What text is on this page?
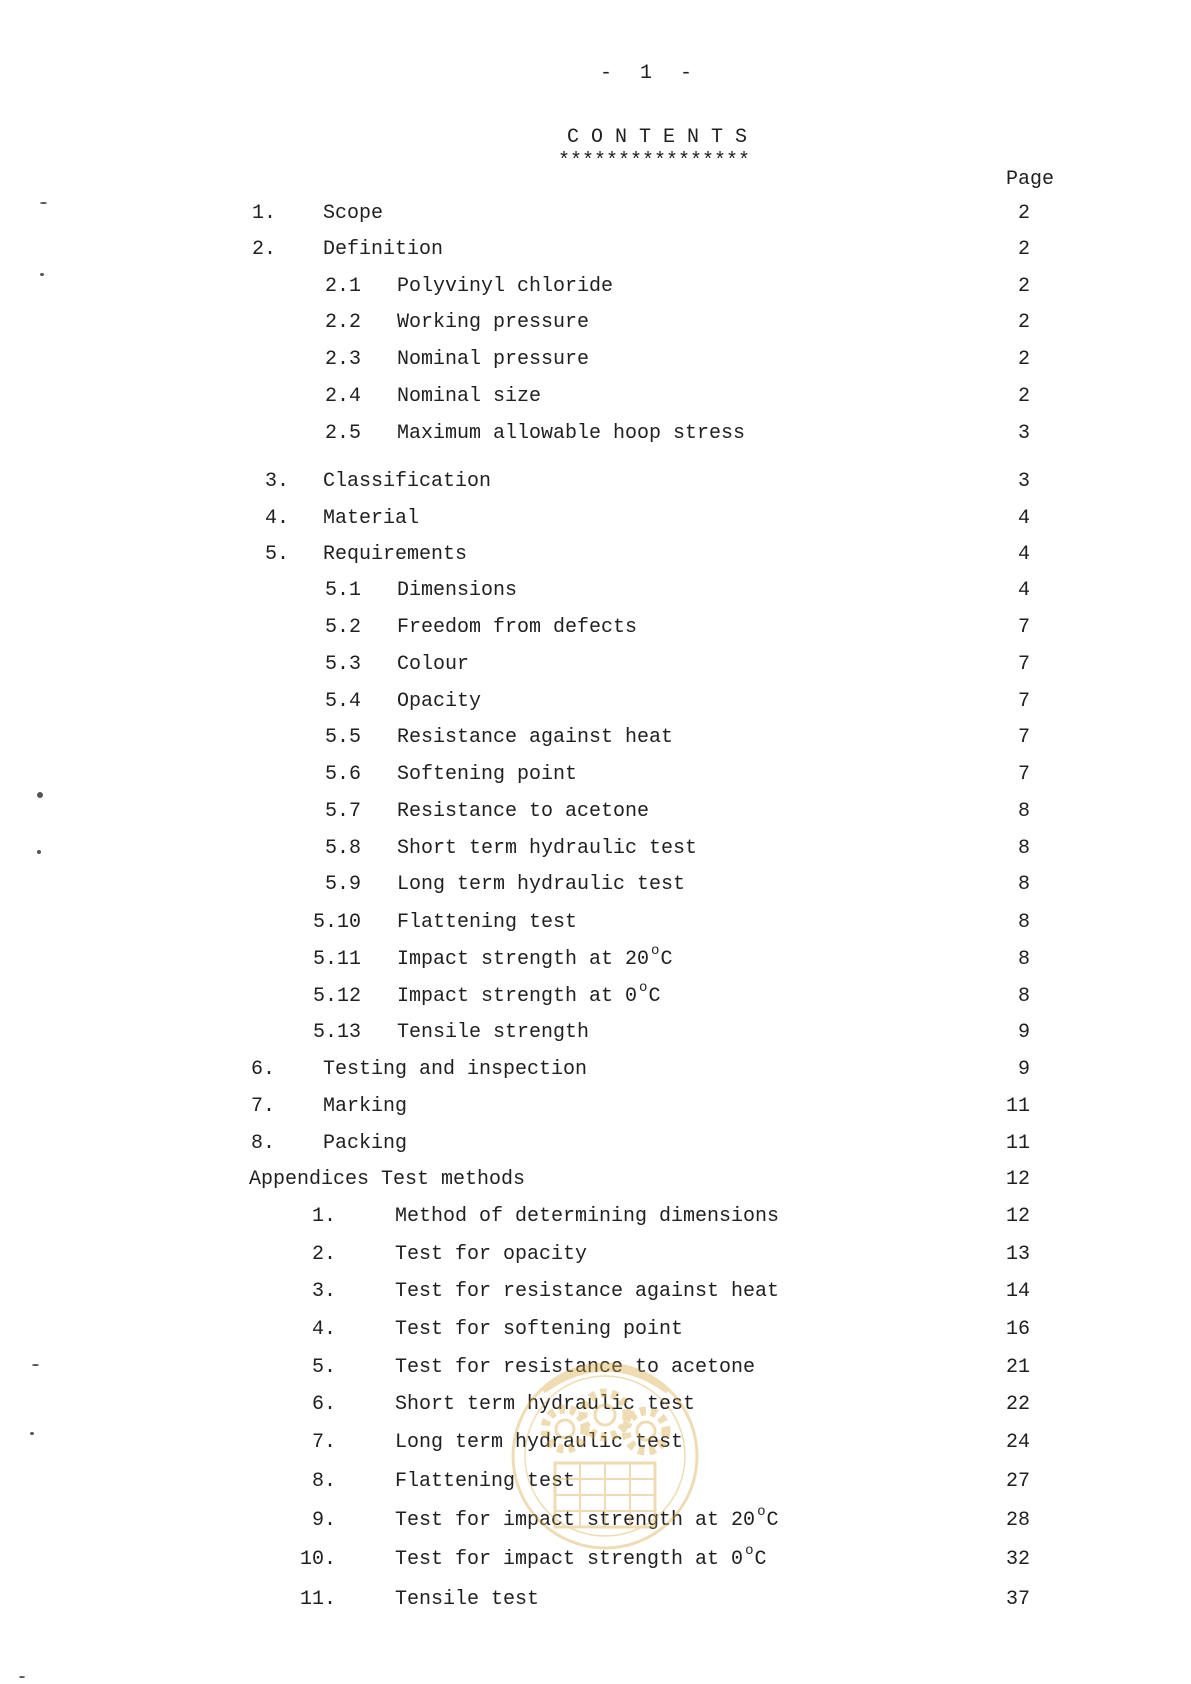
- 1 -
C O N T E N T S
****************
Page
1. Scope	2
2. Definition	2
2.1 Polyvinyl chloride	2
2.2 Working pressure	2
2.3 Nominal pressure	2
2.4 Nominal size	2
2.5 Maximum allowable hoop stress	3
3. Classification	3
4. Material	4
5. Requirements	4
5.1 Dimensions	4
5.2 Freedom from defects	7
5.3 Colour	7
5.4 Opacity	7
5.5 Resistance against heat	7
5.6 Softening point	7
5.7 Resistance to acetone	8
5.8 Short term hydraulic test	8
5.9 Long term hydraulic test	8
5.10 Flattening test	8
5.11 Impact strength at 20 $^o$C	8
5.12 Impact strength at 0 $^o$C	8
5.13 Tensile strength	9
6. Testing and inspection	9
7. Marking	11
8. Packing	11
Appendices Test methods	12
1.	Method of determining dimensions	12
2.	Test for opacity	13
3.	Test for resistance against heat	14
4.	Test for softening point	16
5.	Test for resistance to acetone	21
6.	Short term hydraulic test	22
7.	Long term hydraulic test	24
8.	Flattening test	27
9.	Test for impact strength at 20 $^o$C	28
10.	Test for impact strength at 0 $^o$C	32
11.	Tensile test	37
